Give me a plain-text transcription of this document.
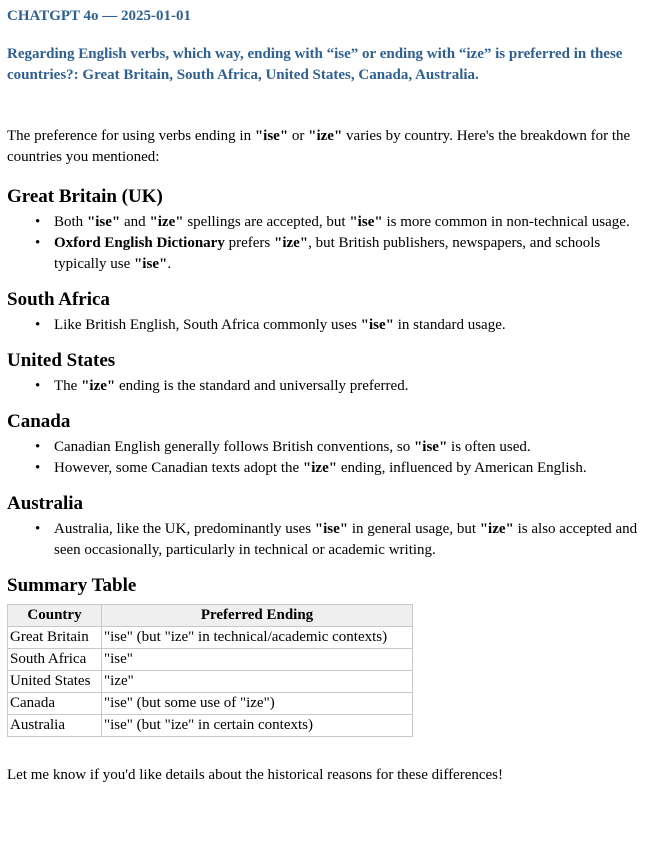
CHATGPT 4o — 2025-01-01
Regarding English verbs, which way, ending with “ise” or ending with “ize” is preferred in these countries?: Great Britain, South Africa, United States, Canada, Australia.

The preference for using verbs ending in "ise" or "ize" varies by country. Here's the breakdown for the countries you mentioned:

Great Britain (UK)
• Both "ise" and "ize" spellings are accepted, but "ise" is more common in non-technical usage.
• Oxford English Dictionary prefers "ize", but British publishers, newspapers, and schools typically use "ise".
South Africa
• Like British English, South Africa commonly uses "ise" in standard usage.
United States
• The "ize" ending is the standard and universally preferred.
Canada
• Canadian English generally follows British conventions, so "ise" is often used.
• However, some Canadian texts adopt the "ize" ending, influenced by American English.
Australia
• Australia, like the UK, predominantly uses "ise" in general usage, but "ize" is also accepted and seen occasionally, particularly in technical or academic writing.
Summary Table
Country	Preferred Ending
Great Britain	"ise" (but "ize" in technical/academic contexts)
South Africa	"ise"
United States	"ize"
Canada	"ise" (but some use of "ize")
Australia	"ise" (but "ize" in certain contexts)

Let me know if you'd like details about the historical reasons for these differences!
